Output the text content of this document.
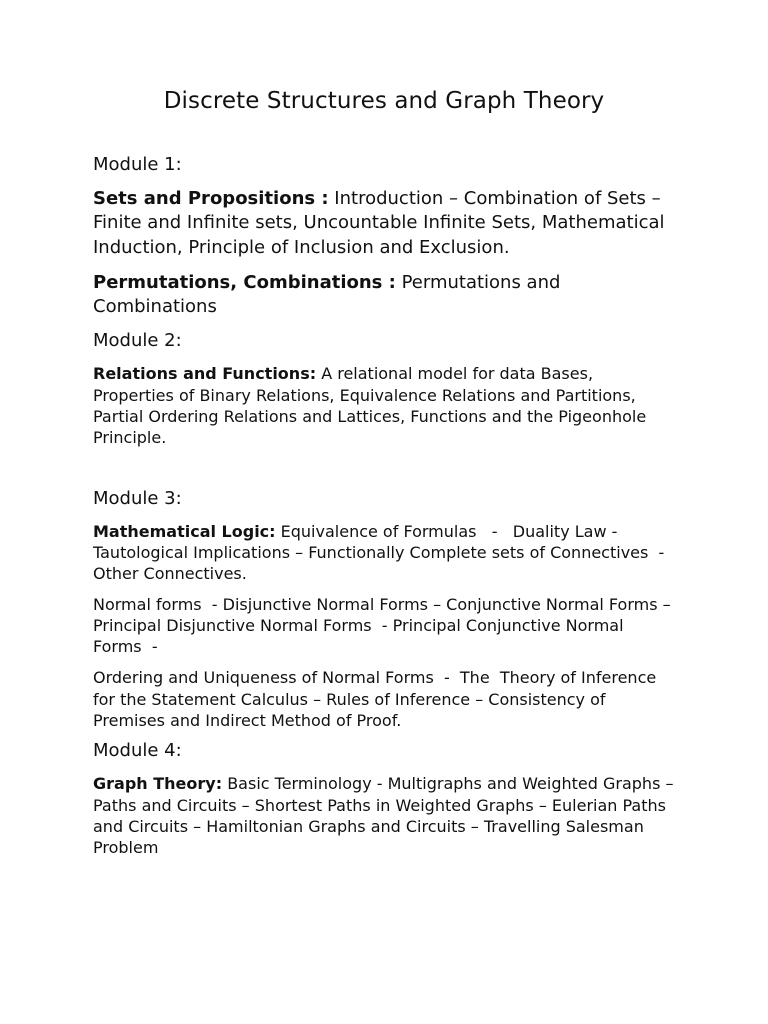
Discrete Structures and Graph Theory
Module 1:

Sets and Propositions : Introduction – Combination of Sets – Finite and Infinite sets, Uncountable Infinite Sets, Mathematical Induction, Principle of Inclusion and Exclusion.

Permutations, Combinations : Permutations and Combinations

Module 2:

Relations and Functions: A relational model for data Bases, Properties of Binary Relations, Equivalence Relations and Partitions, Partial Ordering Relations and Lattices, Functions and the Pigeonhole Principle.

Module 3:

Mathematical Logic: Equivalence of Formulas   -   Duality Law -  Tautological Implications – Functionally Complete sets of Connectives  -  Other Connectives.

Normal forms  - Disjunctive Normal Forms – Conjunctive Normal Forms – Principal Disjunctive Normal Forms  - Principal Conjunctive Normal Forms  -

Ordering and Uniqueness of Normal Forms  -  The  Theory of Inference for the Statement Calculus – Rules of Inference – Consistency of Premises and Indirect Method of Proof.

Module 4:

Graph Theory: Basic Terminology - Multigraphs and Weighted Graphs – Paths and Circuits – Shortest Paths in Weighted Graphs – Eulerian Paths and Circuits – Hamiltonian Graphs and Circuits – Travelling Salesman Problem
